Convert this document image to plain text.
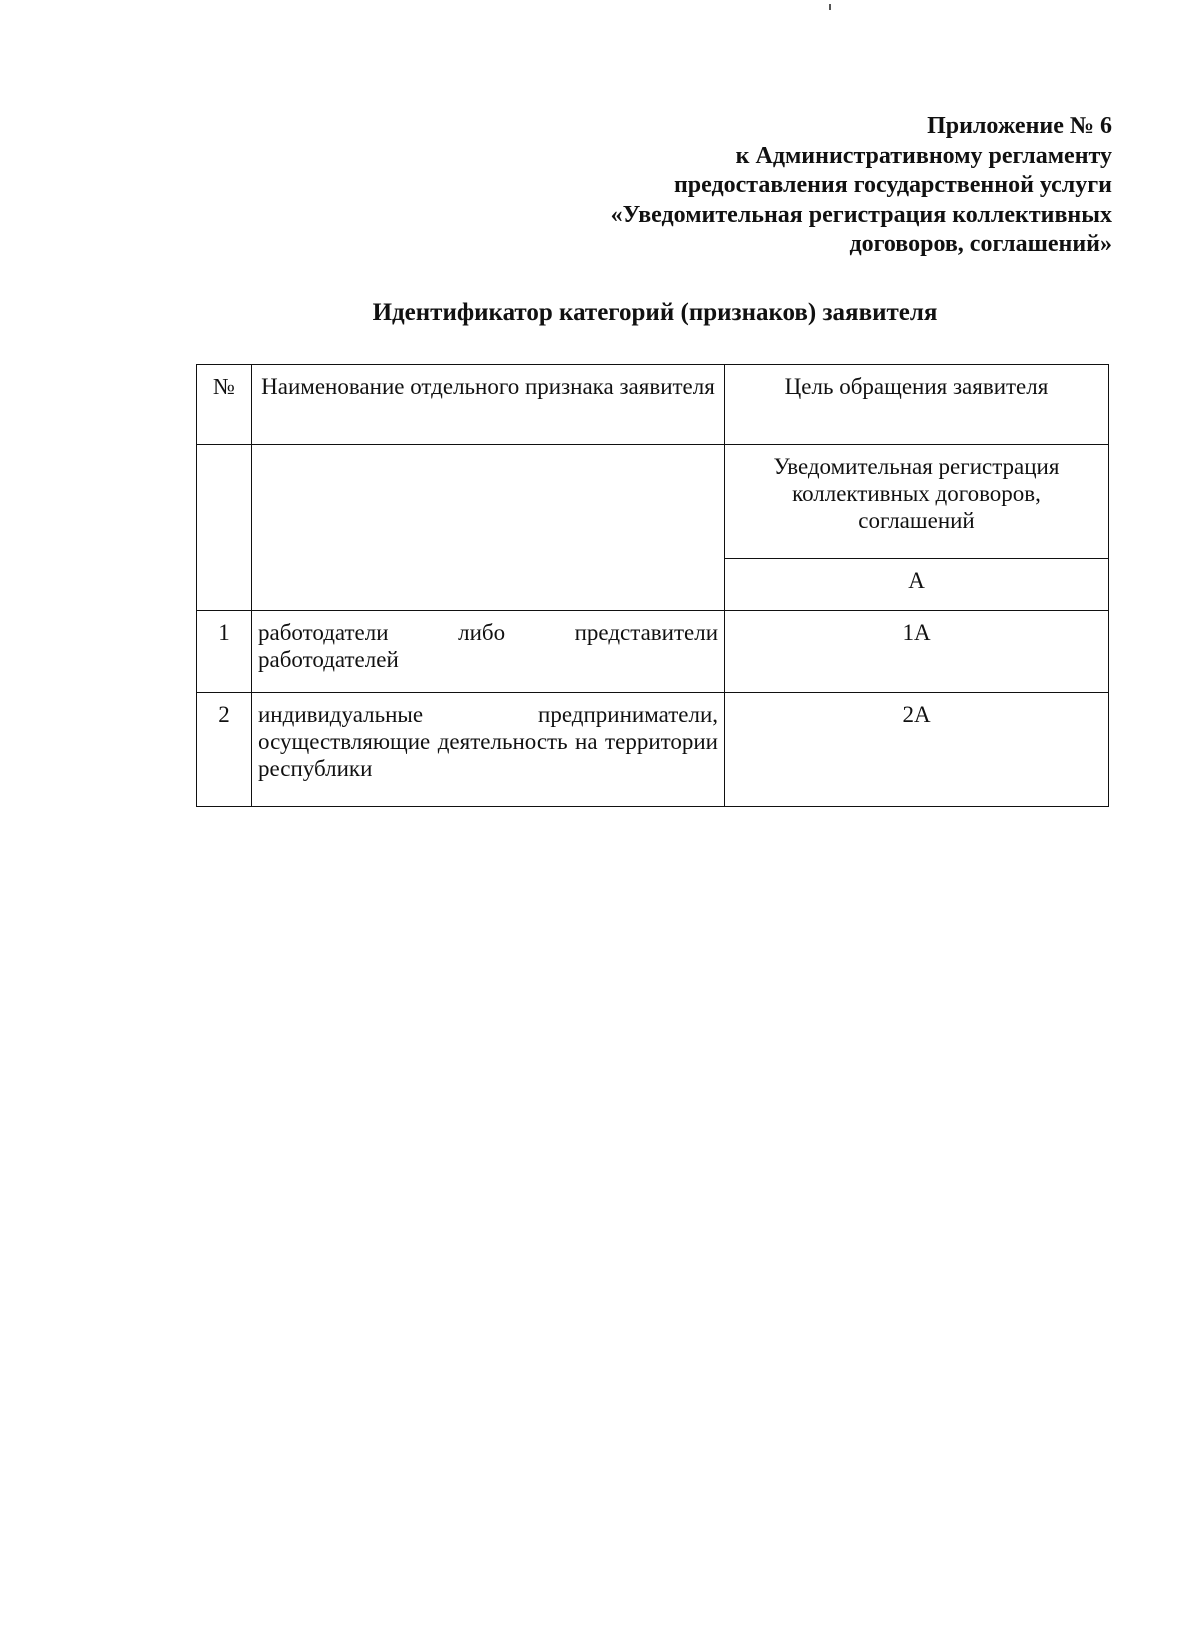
Приложение № 6
к Административному регламенту
предоставления государственной услуги
«Уведомительная регистрация коллективных
договоров, соглашений»
Идентификатор категорий (признаков) заявителя
№	Наименование отдельного признака заявителя	Цель обращения заявителя
		Уведомительная регистрация коллективных договоров, соглашений
		А
1	работодатели либо представители работодателей	1А
2	индивидуальные предприниматели, осуществляющие деятельность на территории республики	2А
